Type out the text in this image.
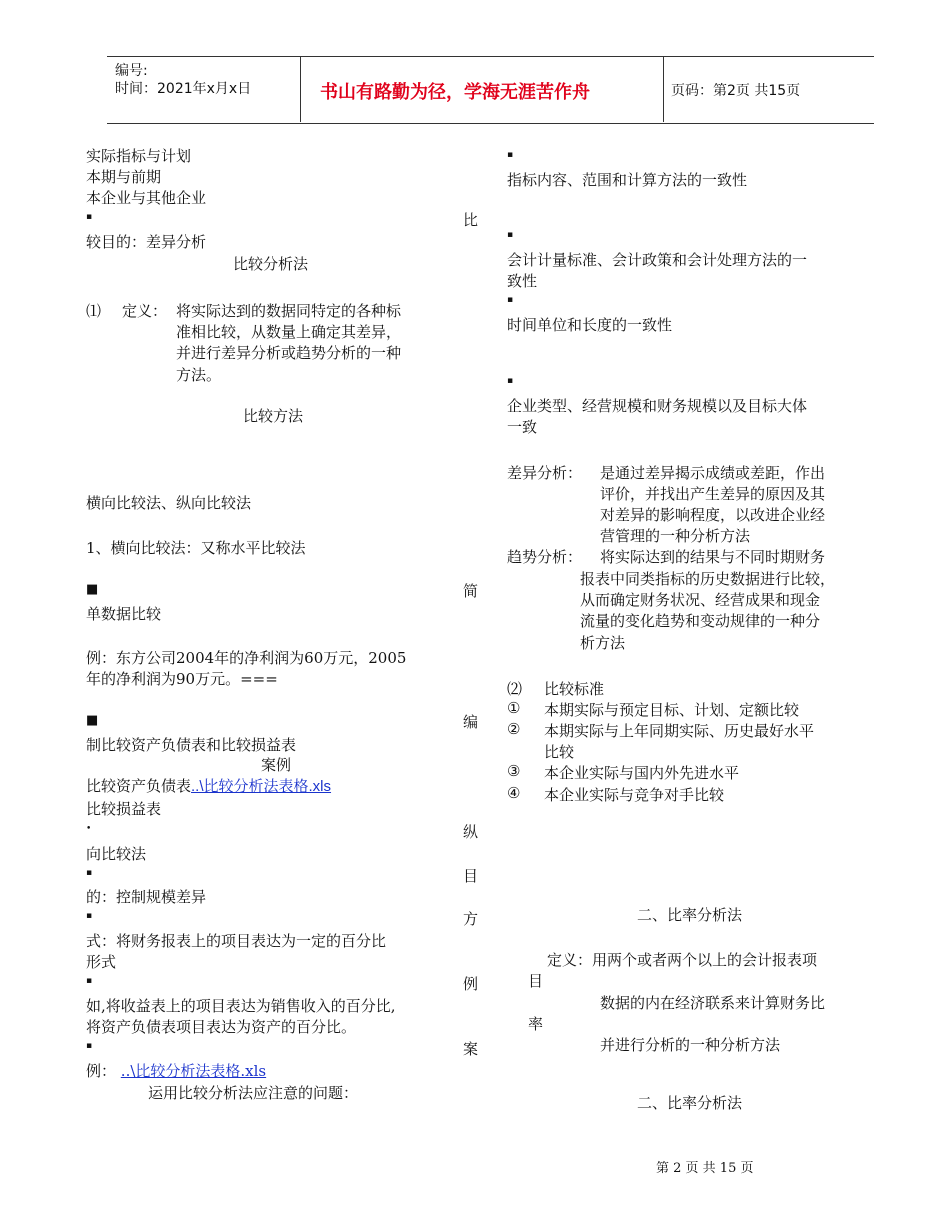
编号:
时间：2021年x月x日	书山有路勤为径，学海无涯苦作舟	页码：第2页 共15页
实际指标与计划
本期与前期
本企业与其他企业
▪	比
较目的：差异分析
比较分析法
⑴ 定义： 将实际达到的数据同特定的各种标
准相比较，从数量上确定其差异，
并进行差异分析或趋势分析的一种
方法。
比较方法
横向比较法、纵向比较法
1、横向比较法：又称水平比较法
■	简
单数据比较
例：东方公司2004年的净利润为60万元，2005
年的净利润为90万元。===
■	编
制比较资产负债表和比较损益表
案例
比较资产负债表..\比较分析法表格.xls
比较损益表
•	纵
向比较法
▪	目
的：控制规模差异
▪	方
式：将财务报表上的项目表达为一定的百分比
形式
▪	例
如,将收益表上的项目表达为销售收入的百分比,
将资产负债表项目表达为资产的百分比。
▪	案
例： ..\比较分析法表格.xls
运用比较分析法应注意的问题：
▪
指标内容、范围和计算方法的一致性
▪
会计计量标准、会计政策和会计处理方法的一
致性
▪
时间单位和长度的一致性
▪
企业类型、经营规模和财务规模以及目标大体
一致
差异分析： 是通过差异揭示成绩或差距，作出
评价，并找出产生差异的原因及其
对差异的影响程度，以改进企业经
营管理的一种分析方法
趋势分析： 将实际达到的结果与不同时期财务
报表中同类指标的历史数据进行比较，
从而确定财务状况、经营成果和现金
流量的变化趋势和变动规律的一种分
析方法
⑵ 比较标准
① 本期实际与预定目标、计划、定额比较
② 本期实际与上年同期实际、历史最好水平
比较
③ 本企业实际与国内外先进水平
④ 本企业实际与竞争对手比较
二、比率分析法
定义：用两个或者两个以上的会计报表项
目
数据的内在经济联系来计算财务比
率
并进行分析的一种分析方法
二、比率分析法
第 2 页 共 15 页
